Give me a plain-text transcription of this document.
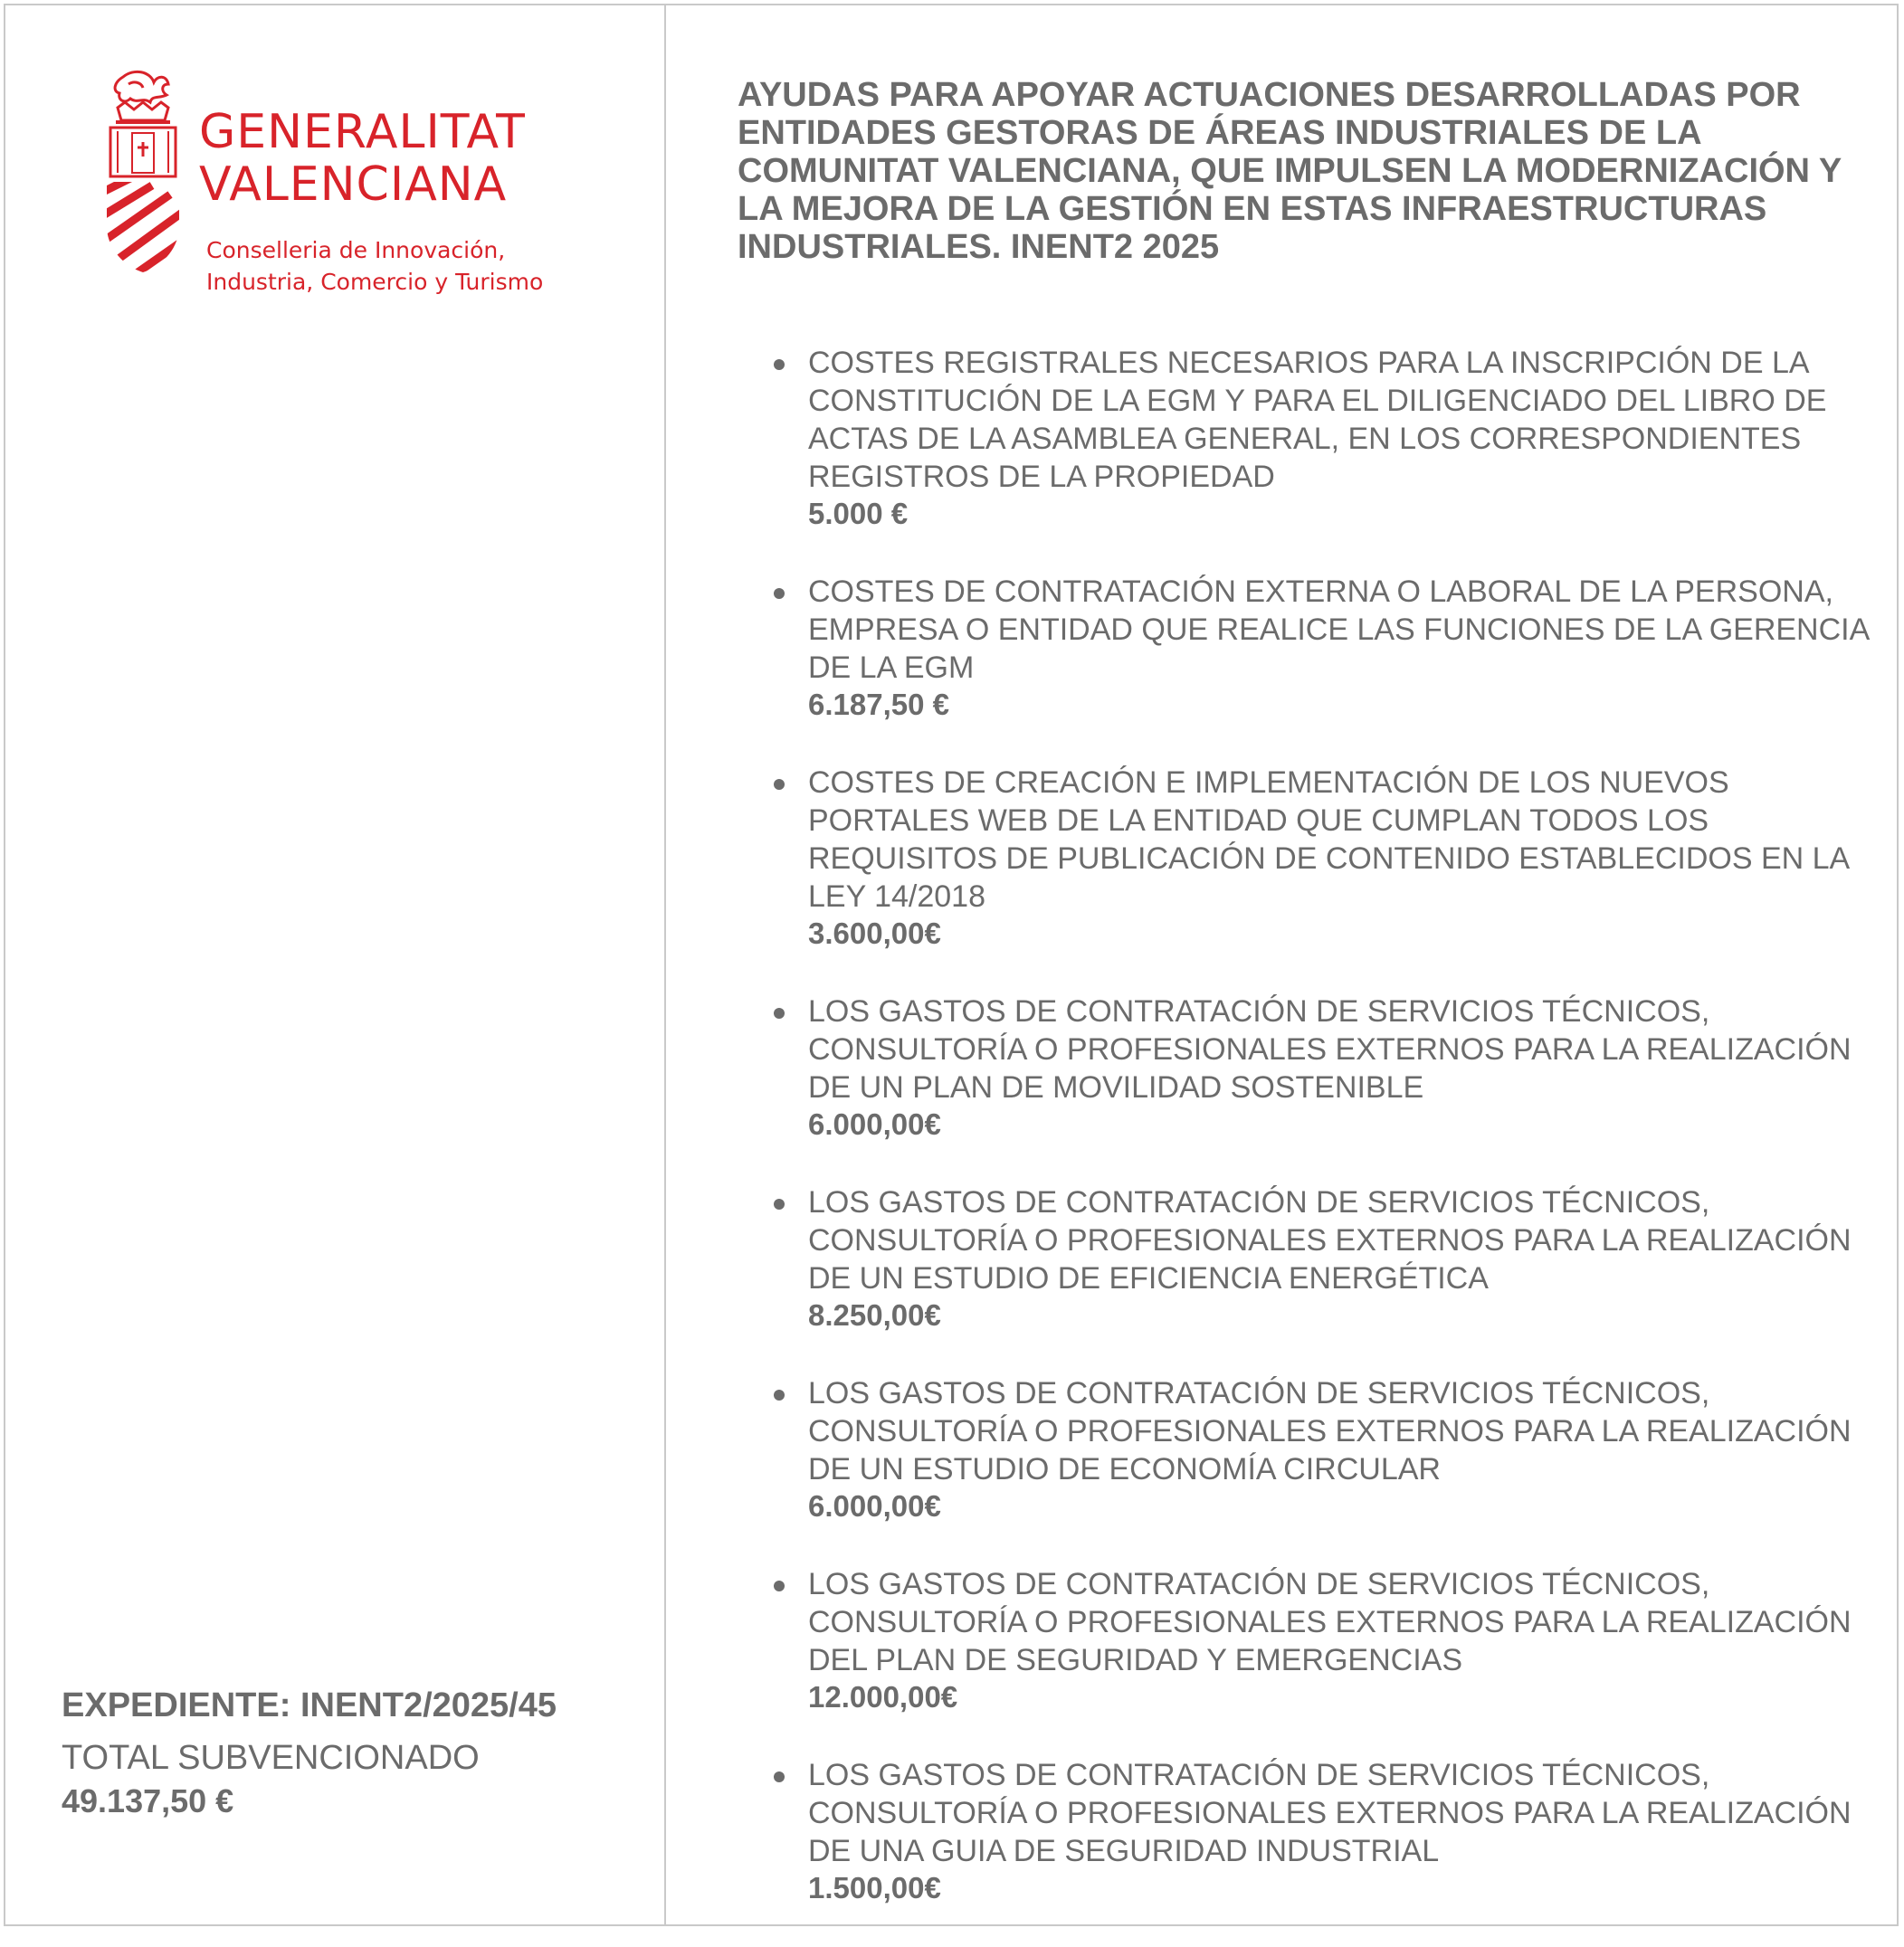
GENERALITAT
VALENCIANA
Conselleria de Innovación,
Industria, Comercio y Turismo
EXPEDIENTE: INENT2/2025/45
TOTAL SUBVENCIONADO
49.137,50 €
AYUDAS PARA APOYAR ACTUACIONES DESARROLLADAS POR ENTIDADES GESTORAS DE ÁREAS INDUSTRIALES DE LA COMUNITAT VALENCIANA, QUE IMPULSEN LA MODERNIZACIÓN Y LA MEJORA DE LA GESTIÓN EN ESTAS INFRAESTRUCTURAS INDUSTRIALES. INENT2 2025
COSTES REGISTRALES NECESARIOS PARA LA INSCRIPCIÓN DE LA CONSTITUCIÓN DE LA EGM Y PARA EL DILIGENCIADO DEL LIBRO DE ACTAS DE LA ASAMBLEA GENERAL, EN LOS CORRESPONDIENTES REGISTROS DE LA PROPIEDAD
5.000 €
COSTES DE CONTRATACIÓN EXTERNA O LABORAL DE LA PERSONA, EMPRESA O ENTIDAD QUE REALICE LAS FUNCIONES DE LA GERENCIA DE LA EGM
6.187,50 €
COSTES DE CREACIÓN E IMPLEMENTACIÓN DE LOS NUEVOS PORTALES WEB DE LA ENTIDAD QUE CUMPLAN TODOS LOS REQUISITOS DE PUBLICACIÓN DE CONTENIDO ESTABLECIDOS EN LA LEY 14/2018
3.600,00€
LOS GASTOS DE CONTRATACIÓN DE SERVICIOS TÉCNICOS, CONSULTORÍA O PROFESIONALES EXTERNOS PARA LA REALIZACIÓN DE UN PLAN DE MOVILIDAD SOSTENIBLE
6.000,00€
LOS GASTOS DE CONTRATACIÓN DE SERVICIOS TÉCNICOS, CONSULTORÍA O PROFESIONALES EXTERNOS PARA LA REALIZACIÓN DE UN ESTUDIO DE EFICIENCIA ENERGÉTICA
8.250,00€
LOS GASTOS DE CONTRATACIÓN DE SERVICIOS TÉCNICOS, CONSULTORÍA O PROFESIONALES EXTERNOS PARA LA REALIZACIÓN DE UN ESTUDIO DE ECONOMÍA CIRCULAR
6.000,00€
LOS GASTOS DE CONTRATACIÓN DE SERVICIOS TÉCNICOS, CONSULTORÍA O PROFESIONALES EXTERNOS PARA LA REALIZACIÓN DEL PLAN DE SEGURIDAD Y EMERGENCIAS
12.000,00€
LOS GASTOS DE CONTRATACIÓN DE SERVICIOS TÉCNICOS, CONSULTORÍA O PROFESIONALES EXTERNOS PARA LA REALIZACIÓN DE UNA GUIA DE SEGURIDAD INDUSTRIAL
1.500,00€
